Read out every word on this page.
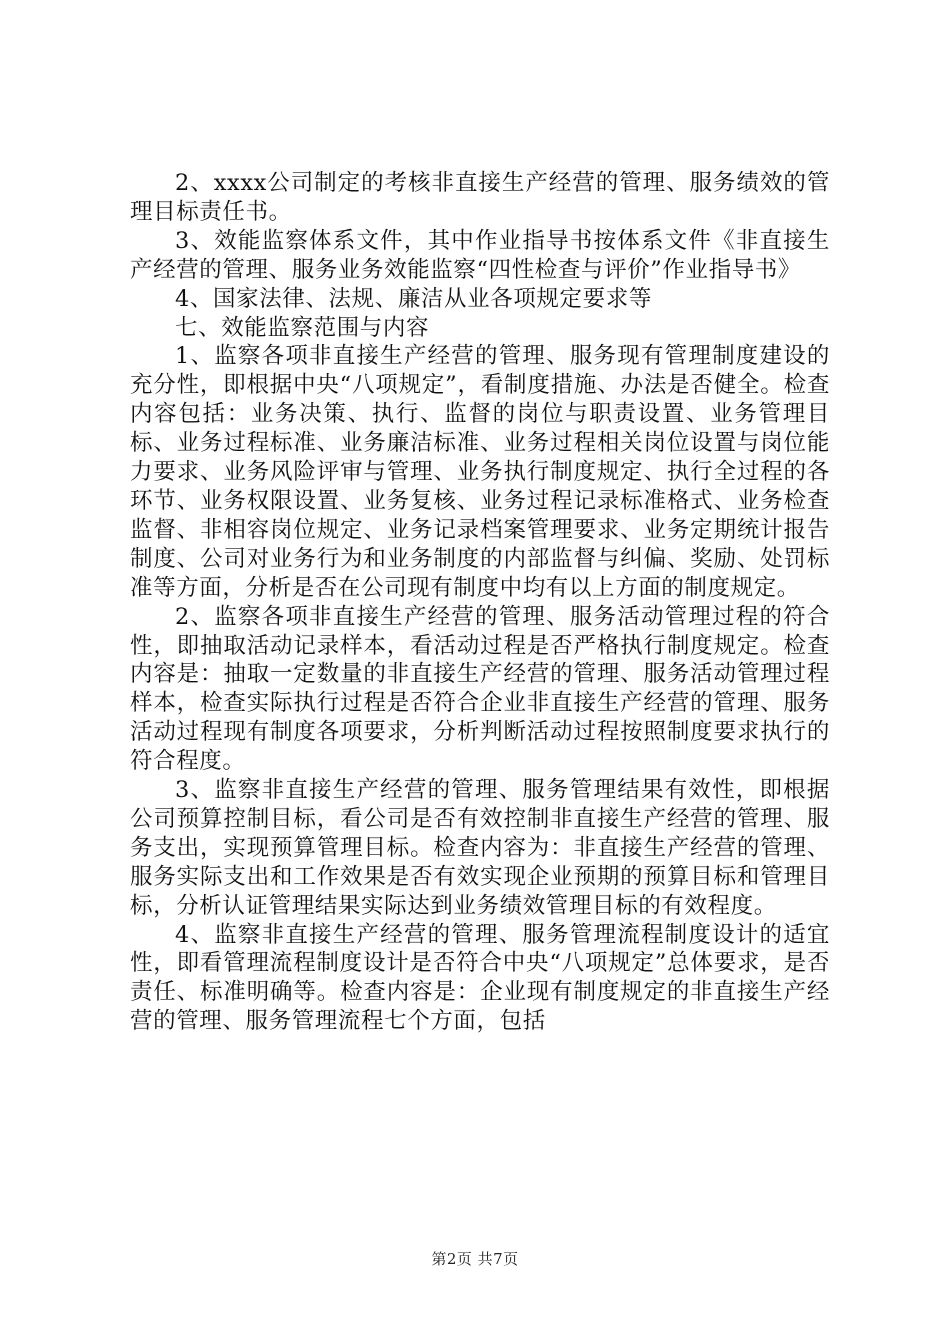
2、xxxx公司制定的考核非直接生产经营的管理、服务绩效的管理目标责任书。

3、效能监察体系文件，其中作业指导书按体系文件《非直接生产经营的管理、服务业务效能监察“四性检查与评价”作业指导书》

4、国家法律、法规、廉洁从业各项规定要求等

七、效能监察范围与内容

1、监察各项非直接生产经营的管理、服务现有管理制度建设的充分性，即根据中央“八项规定”，看制度措施、办法是否健全。检查内容包括：业务决策、执行、监督的岗位与职责设置、业务管理目标、业务过程标准、业务廉洁标准、业务过程相关岗位设置与岗位能力要求、业务风险评审与管理、业务执行制度规定、执行全过程的各环节、业务权限设置、业务复核、业务过程记录标准格式、业务检查监督、非相容岗位规定、业务记录档案管理要求、业务定期统计报告制度、公司对业务行为和业务制度的内部监督与纠偏、奖励、处罚标准等方面，分析是否在公司现有制度中均有以上方面的制度规定。

2、监察各项非直接生产经营的管理、服务活动管理过程的符合性，即抽取活动记录样本，看活动过程是否严格执行制度规定。检查内容是：抽取一定数量的非直接生产经营的管理、服务活动管理过程样本，检查实际执行过程是否符合企业非直接生产经营的管理、服务活动过程现有制度各项要求，分析判断活动过程按照制度要求执行的符合程度。

3、监察非直接生产经营的管理、服务管理结果有效性，即根据公司预算控制目标，看公司是否有效控制非直接生产经营的管理、服务支出，实现预算管理目标。检查内容为：非直接生产经营的管理、服务实际支出和工作效果是否有效实现企业预期的预算目标和管理目标，分析认证管理结果实际达到业务绩效管理目标的有效程度。

4、监察非直接生产经营的管理、服务管理流程制度设计的适宜性，即看管理流程制度设计是否符合中央“八项规定”总体要求，是否责任、标准明确等。检查内容是：企业现有制度规定的非直接生产经营的管理、服务管理流程七个方面，包括

第2页 共7页
